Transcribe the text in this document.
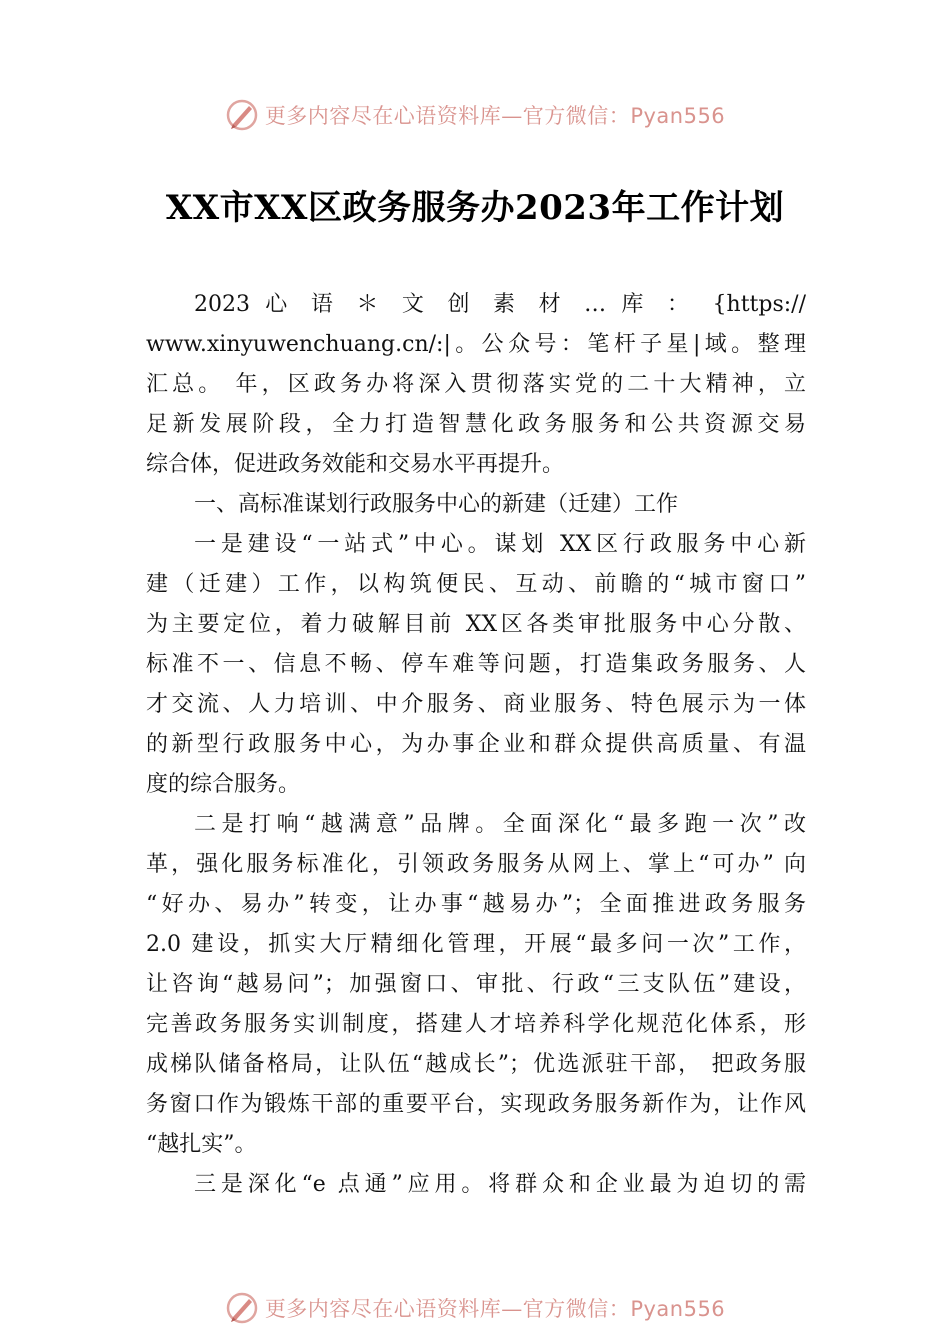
更多内容尽在心语资料库—官方微信：Pyan556
XX市XX区政务服务办2023年工作计划

2023 心 语 ＊ 文 创 素 材 … 库 ： {https://
www.xinyuwenchuang.cn/:|。公众号：笔杆子星|域。整理
汇总。 年，区政务办将深入贯彻落实党的二十大精神，立
足新发展阶段，全力打造智慧化政务服务和公共资源交易
综合体，促进政务效能和交易水平再提升。

一、高标准谋划行政服务中心的新建（迁建）工作

一是建设“一站式”中心。谋划 XX区行政服务中心新
建（迁建）工作，以构筑便民、互动、前瞻的“城市窗口”
为主要定位，着力破解目前 XX区各类审批服务中心分散、
标准不一、信息不畅、停车难等问题，打造集政务服务、人
才交流、人力培训、中介服务、商业服务、特色展示为一体
的新型行政服务中心，为办事企业和群众提供高质量、有温
度的综合服务。

二是打响“越满意”品牌。全面深化“最多跑一次”改
革，强化服务标准化，引领政务服务从网上、掌上“可办” 向
“好办、易办”转变，让办事“越易办”；全面推进政务服务
2.0 建设，抓实大厅精细化管理，开展“最多问一次”工作，
让咨询“越易问”；加强窗口、审批、行政“三支队伍”建设，
完善政务服务实训制度，搭建人才培养科学化规范化体系，形
成梯队储备格局，让队伍“越成长”；优选派驻干部， 把政务服
务窗口作为锻炼干部的重要平台，实现政务服务新作为，让作风
“越扎实”。

三是深化“e 点通”应用。将群众和企业最为迫切的需

更多内容尽在心语资料库—官方微信：Pyan556
